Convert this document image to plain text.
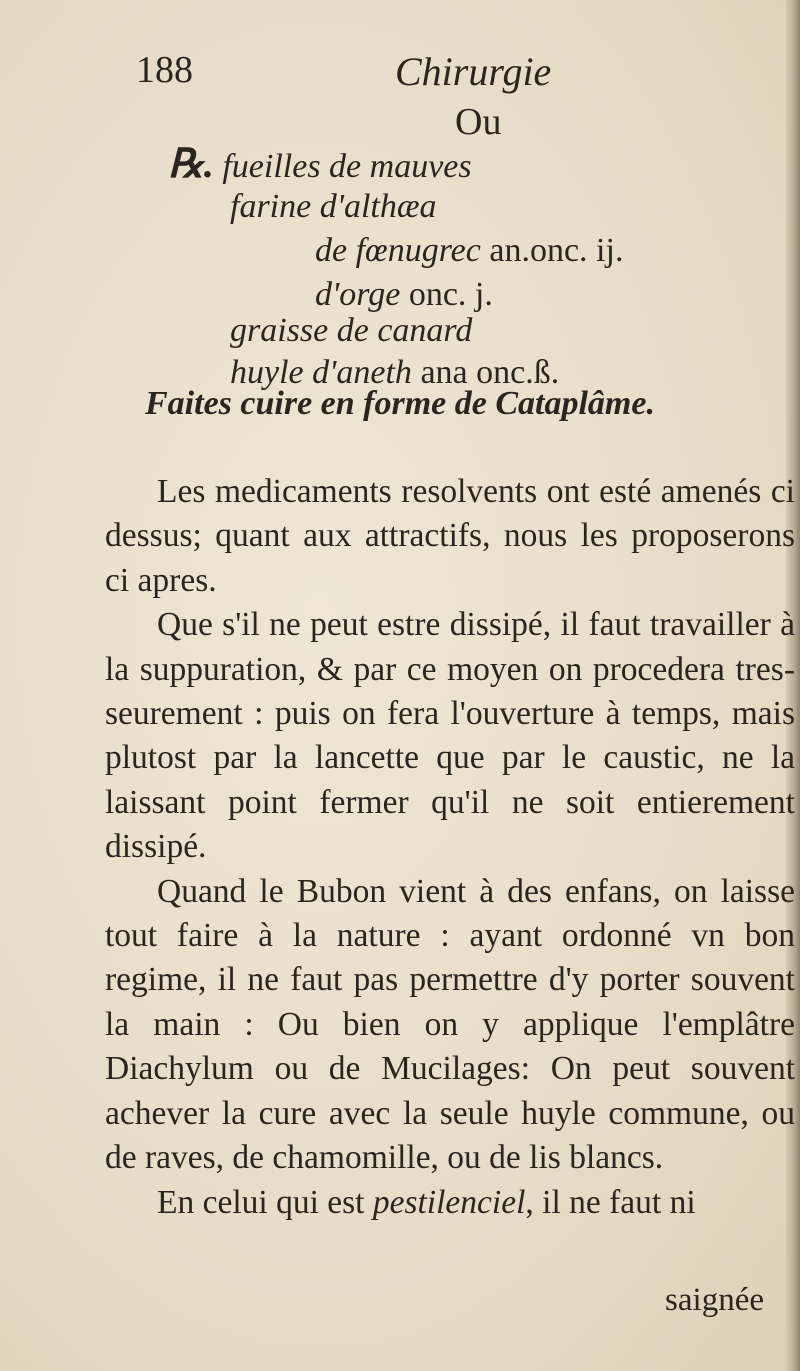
188	Chirurgie
Ou
℞. fueilles de mauves
farine d'althæa
de fœnugrec an.onc. ij.
d'orge onc. j.
graisse de canard
huyle d'aneth ana onc.ß.
Faites cuire en forme de Cataplâme.

Les medicaments resolvents ont esté amenés ci dessus; quant aux attractifs, nous les proposerons ci apres.

Que s'il ne peut estre dissipé, il faut travailler à la suppuration, & par ce moyen on procedera tres-seurement : puis on fera l'ouverture à temps, mais plutost par la lancette que par le caustic, ne la laissant point fermer qu'il ne soit entierement dissipé.

Quand le Bubon vient à des enfans, on laisse tout faire à la nature : ayant ordonné vn bon regime, il ne faut pas permettre d'y porter souvent la main : Ou bien on y applique l'emplâtre Diachylum ou de Mucilages: On peut souvent achever la cure avec la seule huyle commune, ou de raves, de chamomille, ou de lis blancs.

En celui qui est pestilenciel, il ne faut ni

saignée
